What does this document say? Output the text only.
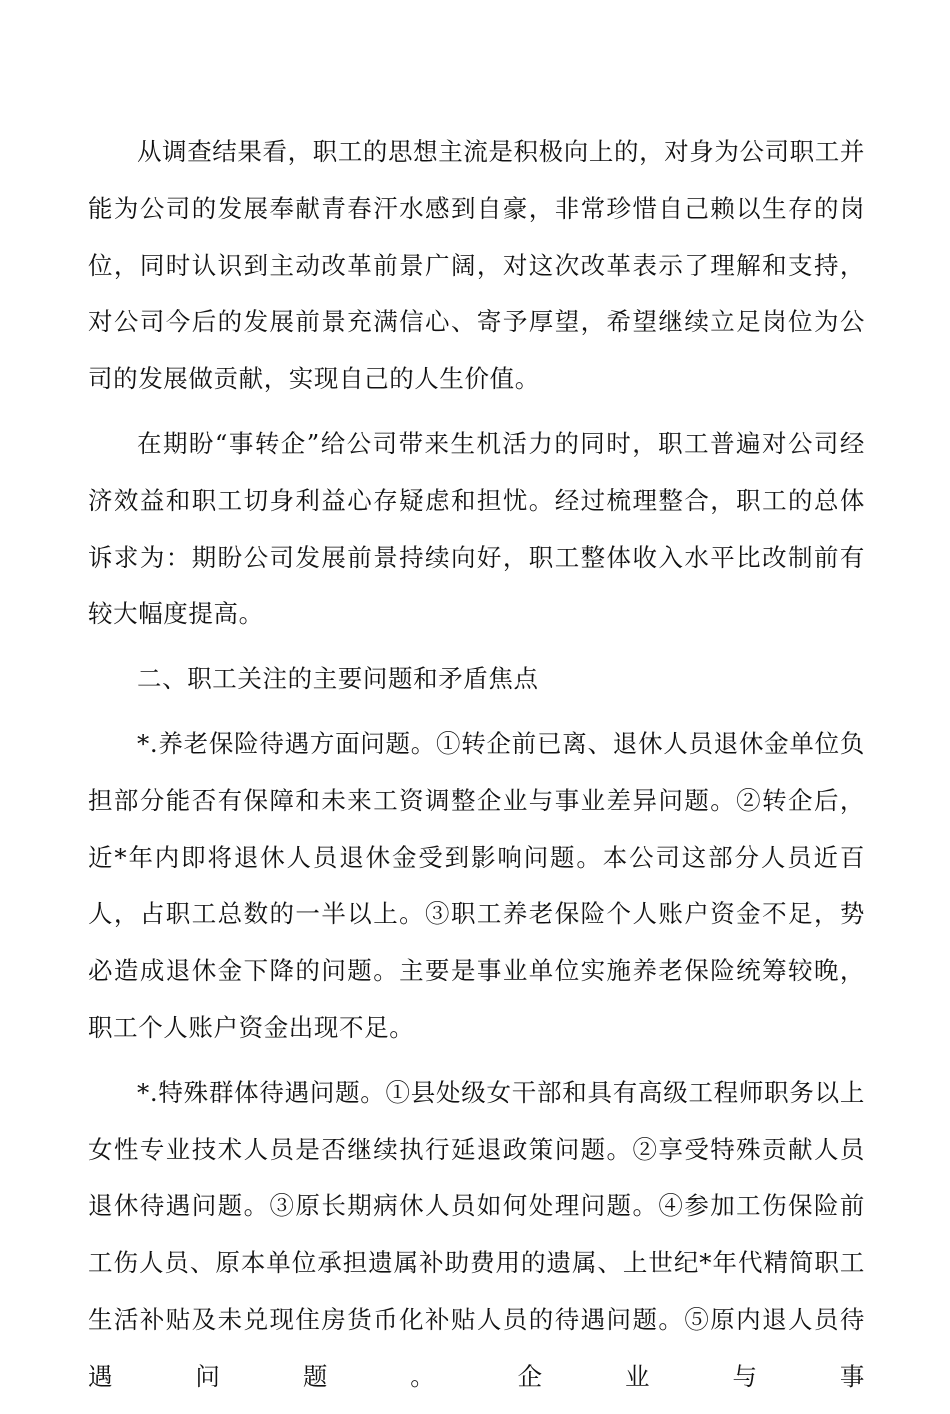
从调查结果看，职工的思想主流是积极向上的，对身为公司职工并能为公司的发展奉献青春汗水感到自豪，非常珍惜自己赖以生存的岗位，同时认识到主动改革前景广阔，对这次改革表示了理解和支持，对公司今后的发展前景充满信心、寄予厚望，希望继续立足岗位为公司的发展做贡献，实现自己的人生价值。

在期盼“事转企”给公司带来生机活力的同时，职工普遍对公司经济效益和职工切身利益心存疑虑和担忧。经过梳理整合，职工的总体诉求为：期盼公司发展前景持续向好，职工整体收入水平比改制前有较大幅度提高。

二、职工关注的主要问题和矛盾焦点

*.养老保险待遇方面问题。①转企前已离、退休人员退休金单位负担部分能否有保障和未来工资调整企业与事业差异问题。②转企后，近*年内即将退休人员退休金受到影响问题。本公司这部分人员近百人，占职工总数的一半以上。③职工养老保险个人账户资金不足，势必造成退休金下降的问题。主要是事业单位实施养老保险统筹较晚，职工个人账户资金出现不足。

*.特殊群体待遇问题。①县处级女干部和具有高级工程师职务以上女性专业技术人员是否继续执行延退政策问题。②享受特殊贡献人员退休待遇问题。③原长期病休人员如何处理问题。④参加工伤保险前工伤人员、原本单位承担遗属补助费用的遗属、上世纪*年代精简职工生活补贴及未兑现住房货币化补贴人员的待遇问题。⑤原内退人员待遇问题。企业与事
